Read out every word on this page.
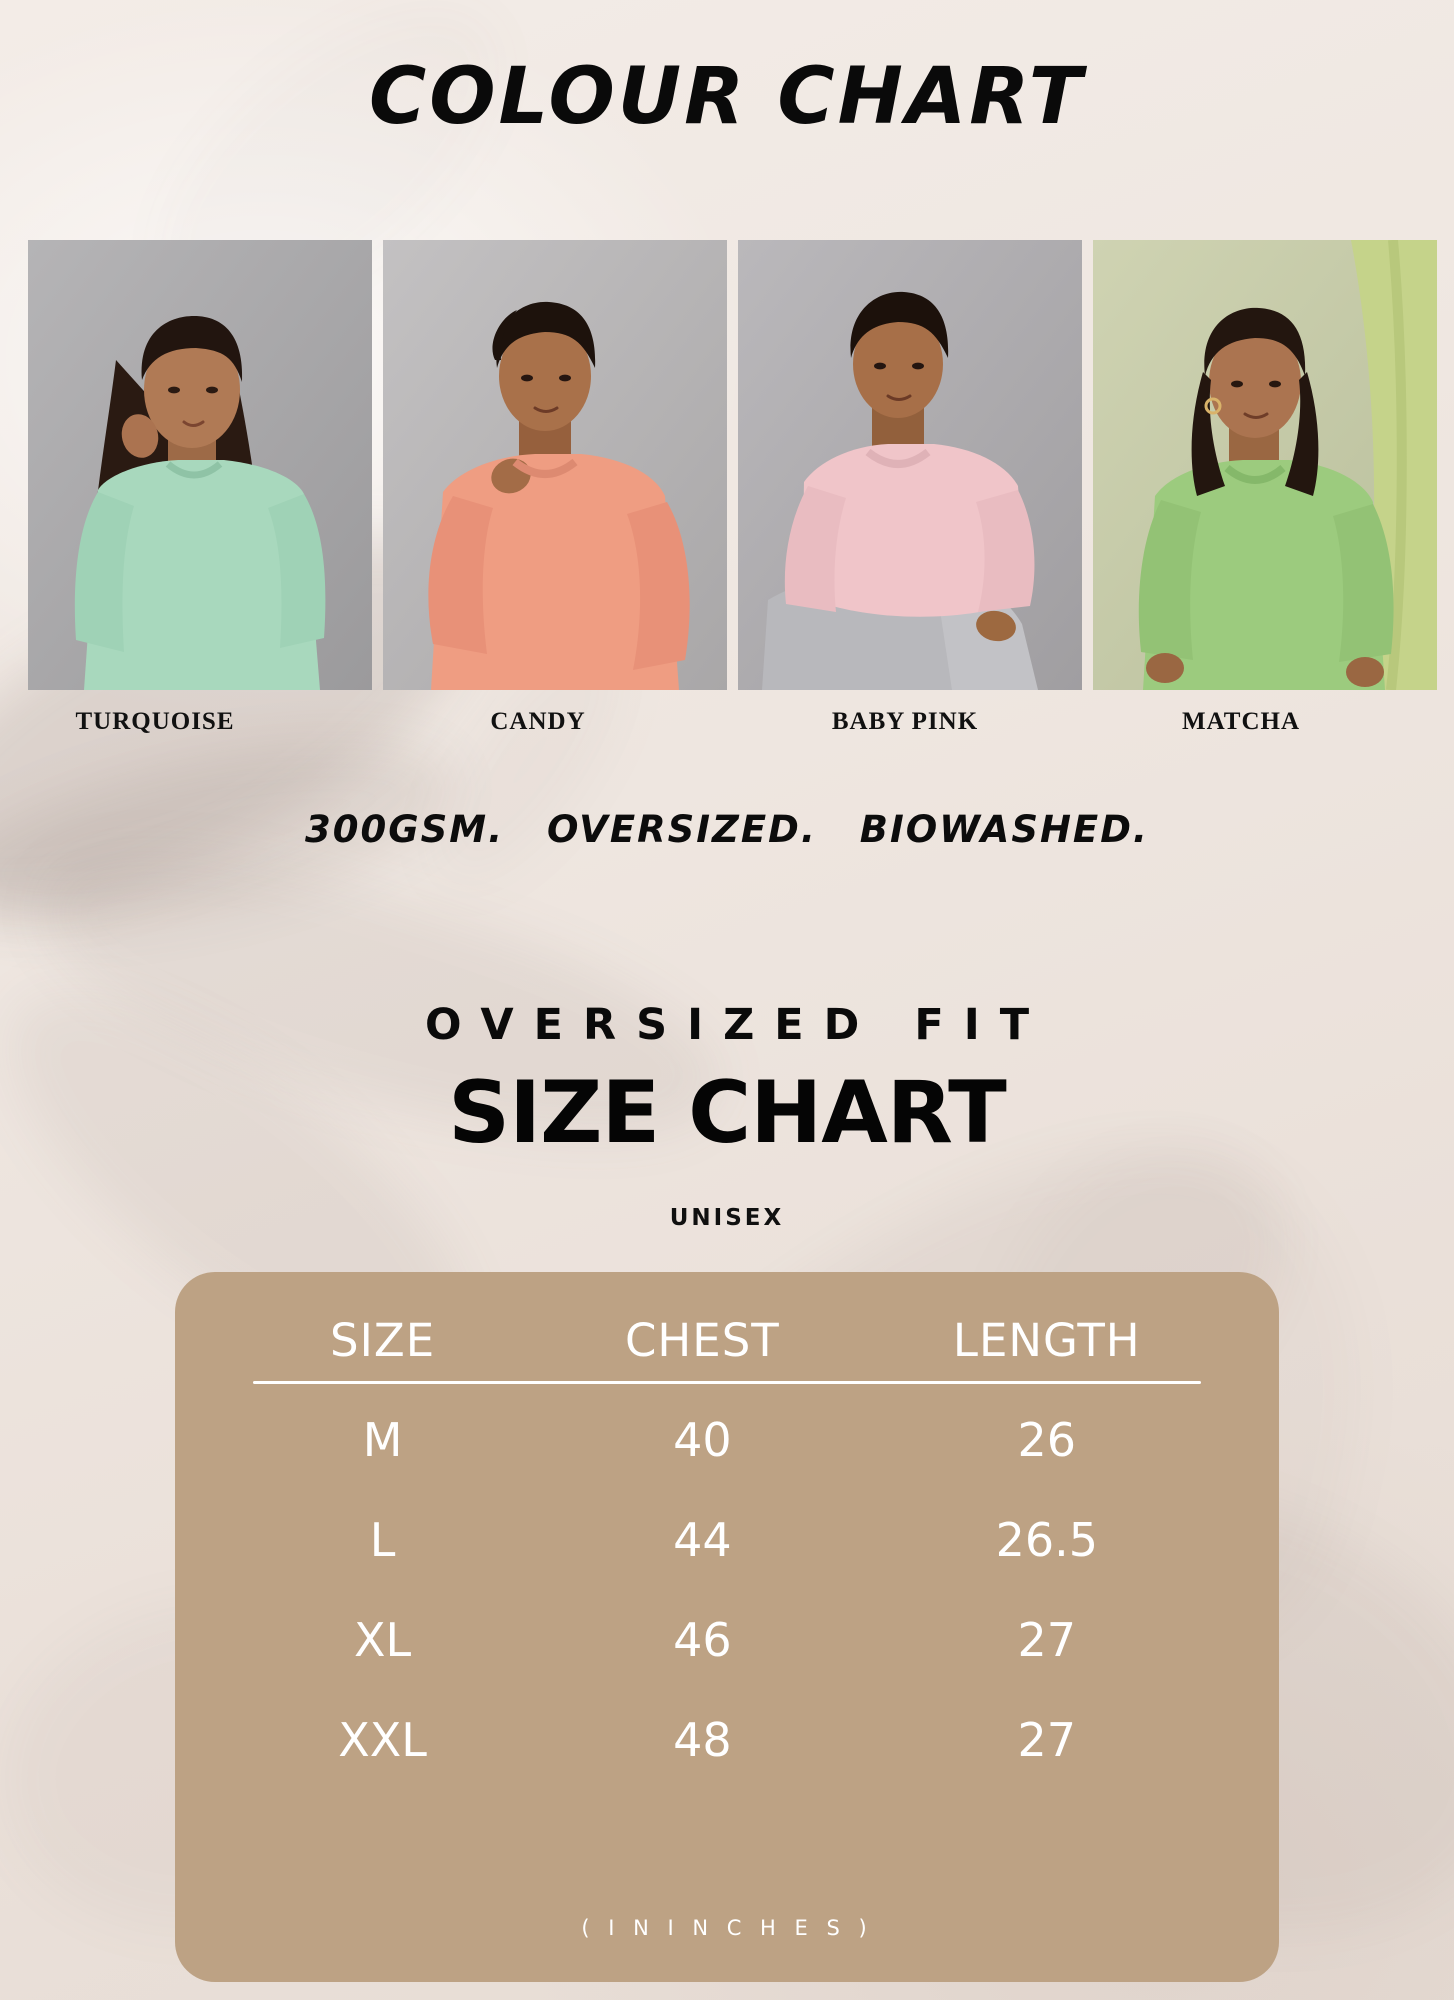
COLOUR CHART
TURQUOISE	CANDY	BABY PINK	MATCHA
300GSM. OVERSIZED. BIOWASHED.
OVERSIZED FIT
SIZE CHART
UNISEX
SIZE	CHEST	LENGTH
M	40	26
L	44	26.5
XL	46	27
XXL	48	27
( I N I N C H E S )
